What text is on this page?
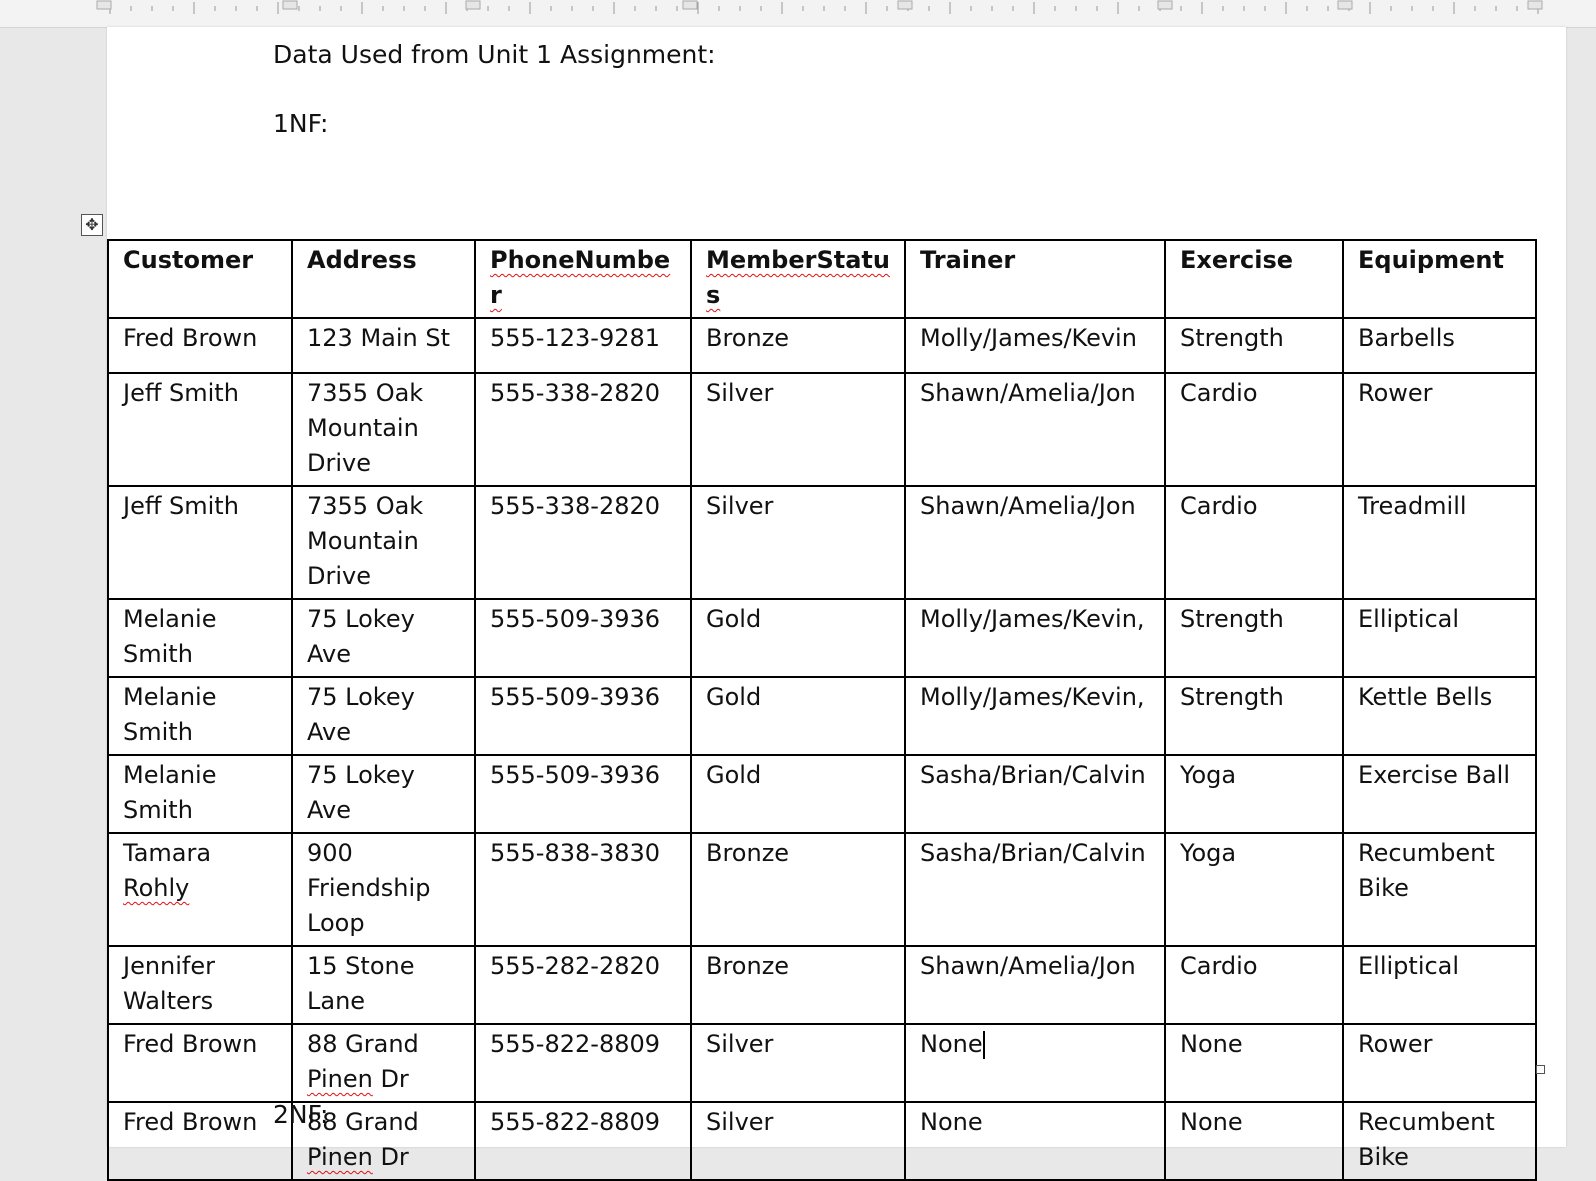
Data Used from Unit 1 Assignment:

1NF:

✥
Customer	Address	PhoneNumber	MemberStatus	Trainer	Exercise	Equipment
Fred Brown	123 Main St	555-123-9281	Bronze	Molly/James/Kevin	Strength	Barbells
Jeff Smith	7355 Oak Mountain Drive	555-338-2820	Silver	Shawn/Amelia/Jon	Cardio	Rower
Jeff Smith	7355 Oak Mountain Drive	555-338-2820	Silver	Shawn/Amelia/Jon	Cardio	Treadmill
Melanie Smith	75 Lokey Ave	555-509-3936	Gold	Molly/James/Kevin,	Strength	Elliptical
Melanie Smith	75 Lokey Ave	555-509-3936	Gold	Molly/James/Kevin,	Strength	Kettle Bells
Melanie Smith	75 Lokey Ave	555-509-3936	Gold	Sasha/Brian/Calvin	Yoga	Exercise Ball
Tamara Rohly	900 Friendship Loop	555-838-3830	Bronze	Sasha/Brian/Calvin	Yoga	Recumbent Bike
Jennifer Walters	15 Stone Lane	555-282-2820	Bronze	Shawn/Amelia/Jon	Cardio	Elliptical
Fred Brown	88 Grand Pinen Dr	555-822-8809	Silver	None	None	Rower
Fred Brown	88 Grand Pinen Dr	555-822-8809	Silver	None	None	Recumbent Bike

2NF:
